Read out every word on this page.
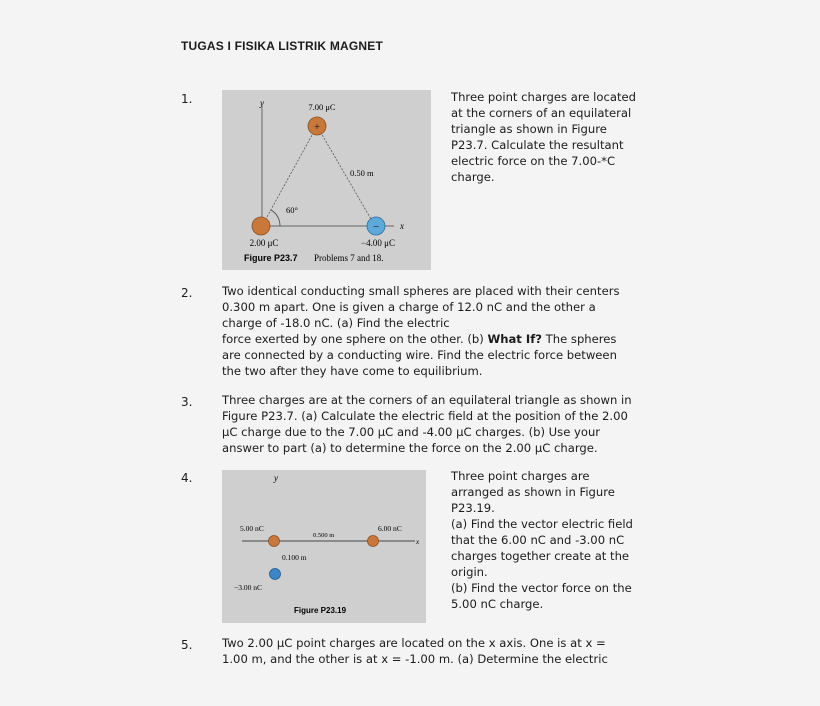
TUGAS I FISIKA LISTRIK MAGNET
1.
+
−
y
x
7.00 μC
0.50 m
60°
2.00 μC	−4.00 μC
Figure P23.7 Problems 7 and 18.
Three point charges are located
at the corners of an equilateral
triangle as shown in Figure
P23.7. Calculate the resultant
electric force on the 7.00-*C
charge.
2.	Two identical conducting small spheres are placed with their centers
0.300 m apart. One is given a charge of 12.0 nC and the other a
charge of -18.0 nC. (a) Find the electric
force exerted by one sphere on the other. (b) What If? The spheres
are connected by a conducting wire. Find the electric force between
the two after they have come to equilibrium.
3.	Three charges are at the corners of an equilateral triangle as shown in
Figure P23.7. (a) Calculate the electric field at the position of the 2.00
μC charge due to the 7.00 μC and -4.00 μC charges. (b) Use your
answer to part (a) to determine the force on the 2.00 μC charge.
4.	y
x
5.00 nC
0.500 m
6.00 nC
0.100 m
−3.00 nC
Figure P23.19
Three point charges are
arranged as shown in Figure
P23.19.
(a) Find the vector electric field
that the 6.00 nC and -3.00 nC
charges together create at the
origin.
(b) Find the vector force on the
5.00 nC charge.
5.	Two 2.00 μC point charges are located on the x axis. One is at x =
1.00 m, and the other is at x = -1.00 m. (a) Determine the electric
